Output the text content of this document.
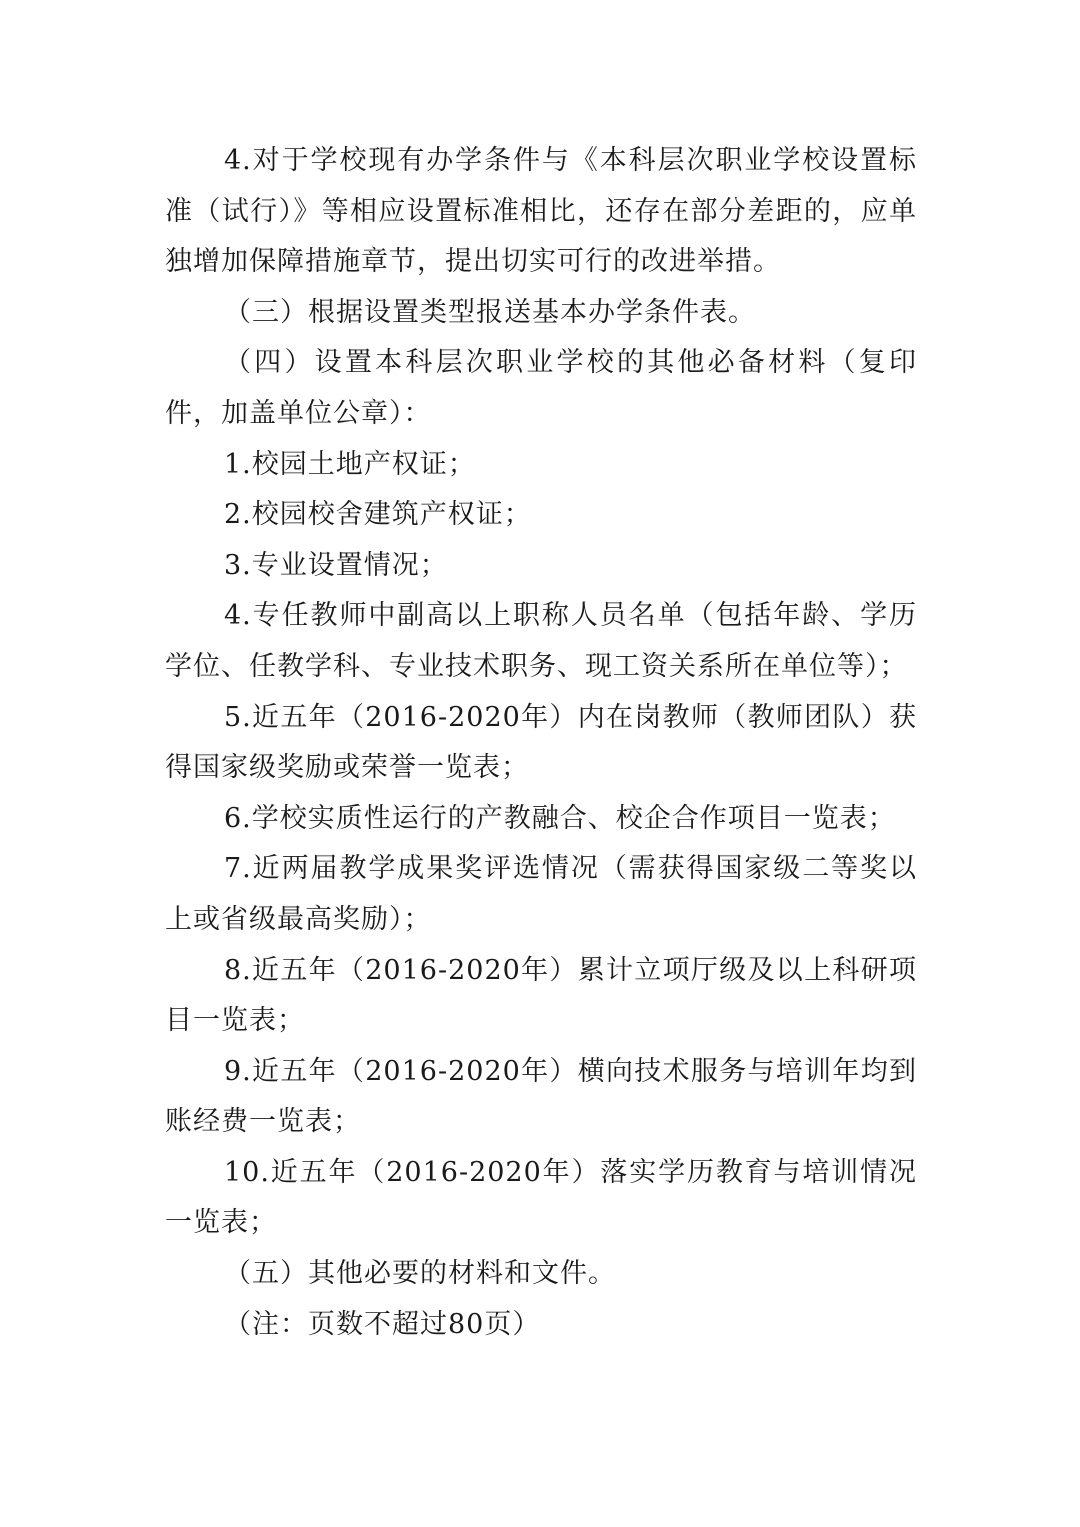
4.对于学校现有办学条件与《本科层次职业学校设置标准（试行）》等相应设置标准相比，还存在部分差距的，应单独增加保障措施章节，提出切实可行的改进举措。

（三）根据设置类型报送基本办学条件表。

（四）设置本科层次职业学校的其他必备材料（复印件，加盖单位公章）：

1.校园土地产权证；

2.校园校舍建筑产权证；

3.专业设置情况；

4.专任教师中副高以上职称人员名单（包括年龄、学历学位、任教学科、专业技术职务、现工资关系所在单位等）；

5.近五年（2016-2020年）内在岗教师（教师团队）获得国家级奖励或荣誉一览表；

6.学校实质性运行的产教融合、校企合作项目一览表；

7.近两届教学成果奖评选情况（需获得国家级二等奖以上或省级最高奖励）；

8.近五年（2016-2020年）累计立项厅级及以上科研项目一览表；

9.近五年（2016-2020年）横向技术服务与培训年均到账经费一览表；

10.近五年（2016-2020年）落实学历教育与培训情况一览表；

（五）其他必要的材料和文件。

（注：页数不超过80页）
